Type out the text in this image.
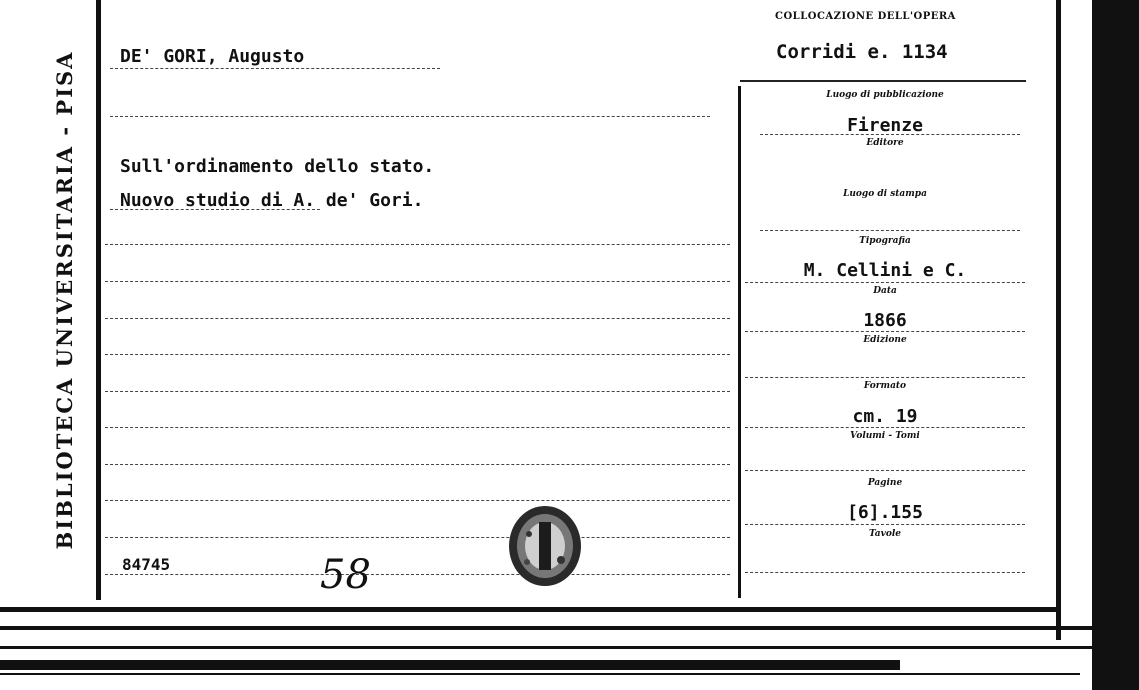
BIBLIOTECA UNIVERSITARIA - PISA
COLLOCAZIONE DELL'OPERA
Corridi e. 1134
DE' GORI, Augusto
Sull'ordinamento dello stato.
Nuovo studio di A. de' Gori.
84745	58
Luogo di pubblicazione
Firenze
Editore
Luogo di stampa
Tipografia
M. Cellini e C.
Data
1866
Edizione
Formato
cm. 19
Volumi - Tomi
Pagine
[6].155
Tavole
